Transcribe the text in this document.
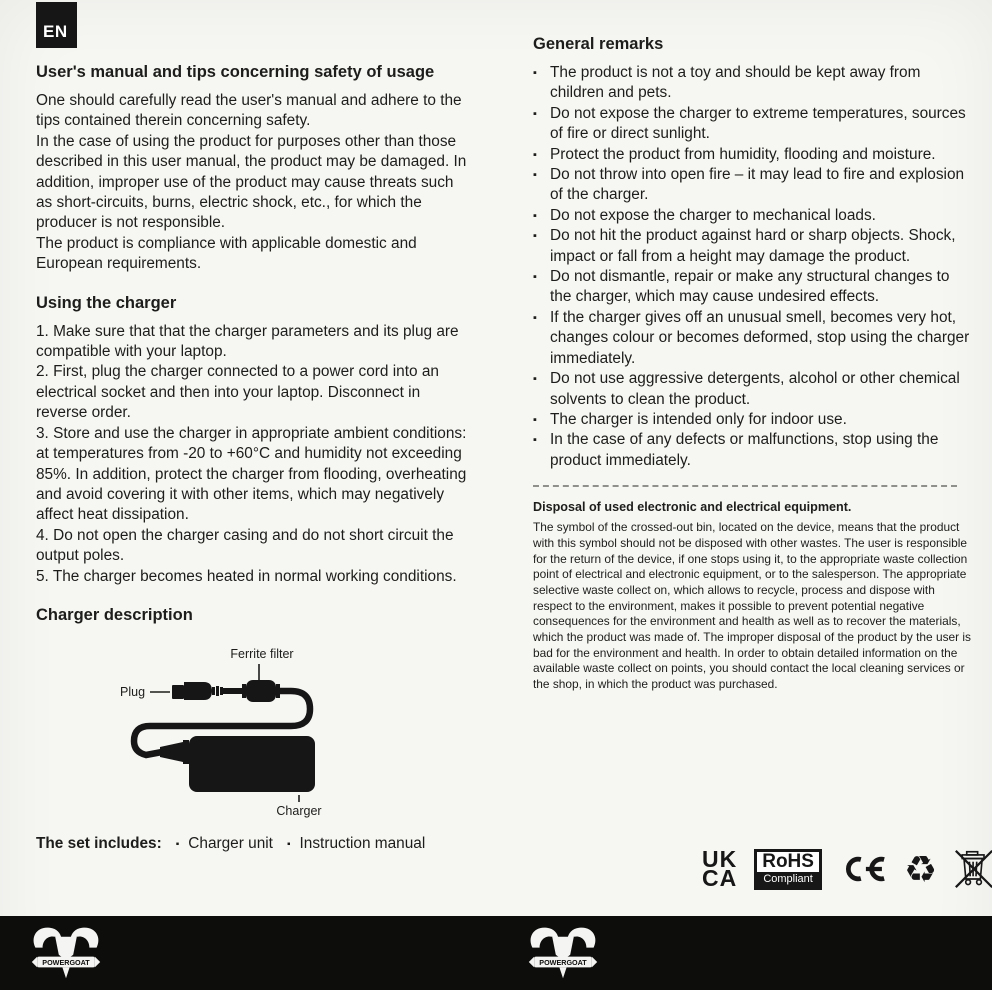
EN
User's manual and tips concerning safety of usage

One should carefully read the user's manual and adhere to the tips contained therein concerning safety.

In the case of using the product for purposes other than those described in this user manual, the product may be damaged. In addition, improper use of the product may cause threats such as short-circuits, burns, electric shock, etc., for which the producer is not responsible.

The product is compliance with applicable domestic and European requirements.

Using the charger
1. Make sure that that the charger parameters and its plug are compatible with your laptop.
2. First, plug the charger connected to a power cord into an electrical socket and then into your laptop. Disconnect in reverse order.
3. Store and use the charger in appropriate ambient conditions: at temperatures from -20 to +60°C and humidity not exceeding 85%. In addition, protect the charger from flooding, overheating and avoid covering it with other items, which may negatively affect heat dissipation.
4. Do not open the charger casing and do not short circuit the output poles.
5. The charger becomes heated in normal working conditions.
Charger description
Ferrite filter
Plug
Charger
The set includes: ▪ Charger unit ▪ Instruction manual
General remarks
▪ The product is not a toy and should be kept away from children and pets.
▪ Do not expose the charger to extreme temperatures, sources of fire or direct sunlight.
▪ Protect the product from humidity, flooding and moisture.
▪ Do not throw into open fire – it may lead to fire and explosion of the charger.
▪ Do not expose the charger to mechanical loads.
▪ Do not hit the product against hard or sharp objects. Shock, impact or fall from a height may damage the product.
▪ Do not dismantle, repair or make any structural changes to the charger, which may cause undesired effects.
▪ If the charger gives off an unusual smell, becomes very hot, changes colour or becomes deformed, stop using the charger immediately.
▪ Do not use aggressive detergents, alcohol or other chemical solvents to clean the product.
▪ The charger is intended only for indoor use.
▪ In the case of any defects or malfunctions, stop using the product immediately.
Disposal of used electronic and electrical equipment.
The symbol of the crossed-out bin, located on the device, means that the product with this symbol should not be disposed with other wastes. The user is responsible for the return of the device, if one stops using it, to the appropriate waste collection point of electrical and electronic equipment, or to the salesperson. The appropriate selective waste collect on, which allows to recycle, process and dispose with respect to the environment, makes it possible to prevent potential negative consequences for the environment and health as well as to recover the materials, which the product was made of. The improper disposal of the product by the user is bad for the environment and health. In order to obtain detailed information on the available waste collect on points, you should contact the local cleaning services or the shop, in which the product was purchased.
UK
CA
RoHS
Compliant ♻
POWERGOAT	POWERGOAT
